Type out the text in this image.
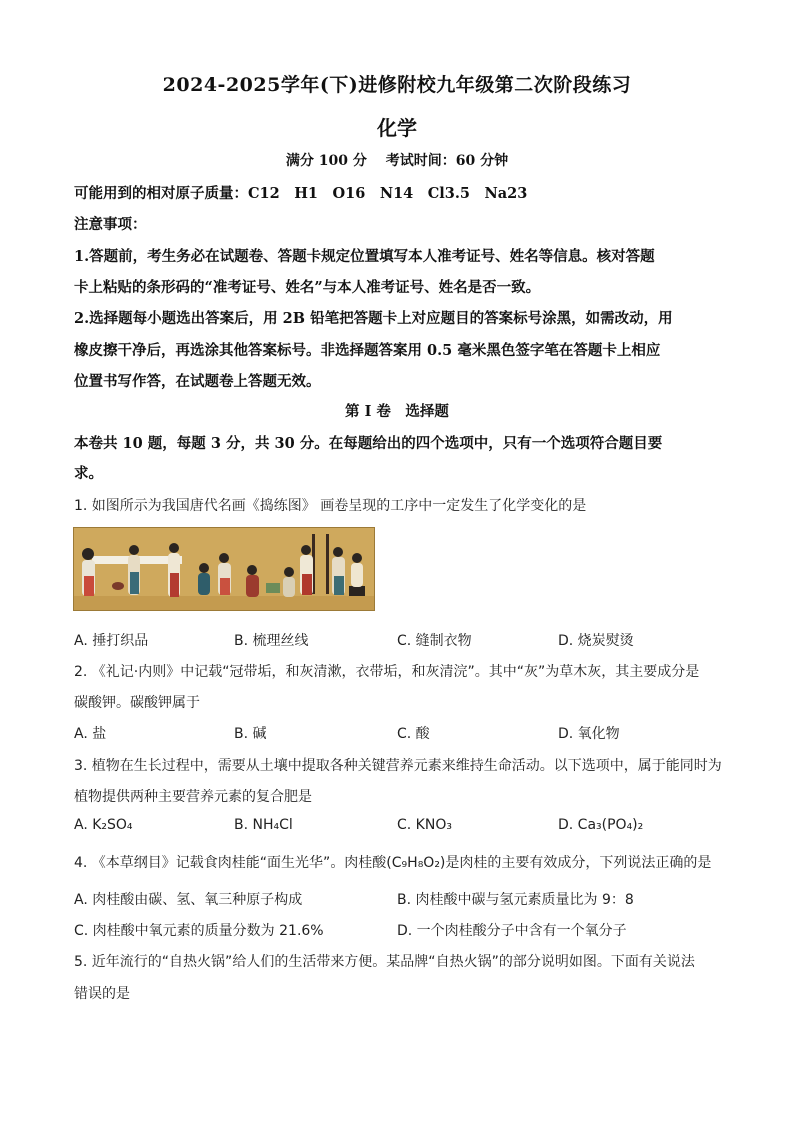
2024-2025学年(下)进修附校九年级第二次阶段练习
化学
满分 100 分 考试时间：60 分钟
可能用到的相对原子质量：C12　H1　O16　N14　Cl3.5　Na23
注意事项：
1.答题前，考生务必在试题卷、答题卡规定位置填写本人准考证号、姓名等信息。核对答题
卡上粘贴的条形码的“准考证号、姓名”与本人准考证号、姓名是否一致。
2.选择题每小题选出答案后，用 2B 铅笔把答题卡上对应题目的答案标号涂黑，如需改动，用
橡皮擦干净后，再选涂其他答案标号。非选择题答案用 0.5 毫米黑色签字笔在答题卡上相应
位置书写作答，在试题卷上答题无效。
第 I 卷　选择题
本卷共 10 题，每题 3 分，共 30 分。在每题给出的四个选项中，只有一个选项符合题目要
求。
1. 如图所示为我国唐代名画《捣练图》 画卷呈现的工序中一定发生了化学变化的是
A. 捶打织品	B. 梳理丝线	C. 缝制衣物	D. 烧炭熨烫
2. 《礼记·内则》中记载“冠带垢，和灰清漱，衣带垢，和灰清浣”。其中“灰”为草木灰，其主要成分是
碳酸钾。碳酸钾属于
A. 盐	B. 碱	C. 酸	D. 氧化物
3. 植物在生长过程中，需要从土壤中提取各种关键营养元素来维持生命活动。以下选项中，属于能同时为
植物提供两种主要营养元素的复合肥是
A. K₂SO₄	B. NH₄Cl	C. KNO₃	D. Ca₃(PO₄)₂
4. 《本草纲目》记载食肉桂能“面生光华”。肉桂酸(C₉H₈O₂)是肉桂的主要有效成分，下列说法正确的是
A. 肉桂酸由碳、氢、氧三种原子构成	B. 肉桂酸中碳与氢元素质量比为 9：8
C. 肉桂酸中氧元素的质量分数为 21.6%	D. 一个肉桂酸分子中含有一个氧分子
5. 近年流行的“自热火锅”给人们的生活带来方便。某品牌“自热火锅”的部分说明如图。下面有关说法
错误的是
